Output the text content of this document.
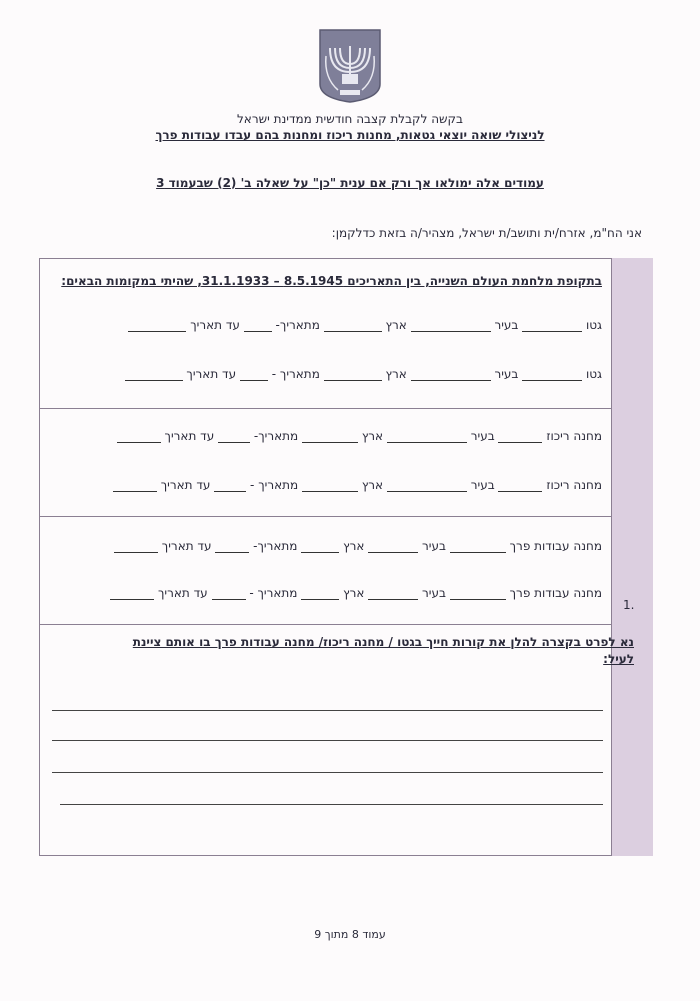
בקשה לקבלת קצבה חודשית ממדינת ישראל
לניצולי שואה יוצאי גטאות, מחנות ריכוז ומחנות בהם עבדו עבודות פרך
עמודים אלה ימולאו אך ורק אם ענית "כן" על שאלה ב' (2) שבעמוד 3
אני הח"מ, אזרח/ית ותושב/ת ישראל, מצהיר/ה בזאת כדלקמן:
1.
בתקופת מלחמת העולם השנייה, בין התאריכים 8.5.1945 – 31.1.1933, שהיתי במקומות הבאים:
גטו  בעיר  ארץ  מתאריך-  עד תאריך
גטו  בעיר  ארץ  מתאריך -  עד תאריך
מחנה ריכוז  בעיר  ארץ  מתאריך-  עד תאריך
מחנה ריכוז  בעיר  ארץ  מתאריך -  עד תאריך
מחנה עבודות פרך  בעיר  ארץ  מתאריך-  עד תאריך
מחנה עבודות פרך  בעיר  ארץ  מתאריך -  עד תאריך
נא לפרט בקצרה להלן את קורות חייך בגטו / מחנה ריכוז/ מחנה עבודות פרך בו אותם ציינת לעיל:
עמוד 8 מתוך 9
